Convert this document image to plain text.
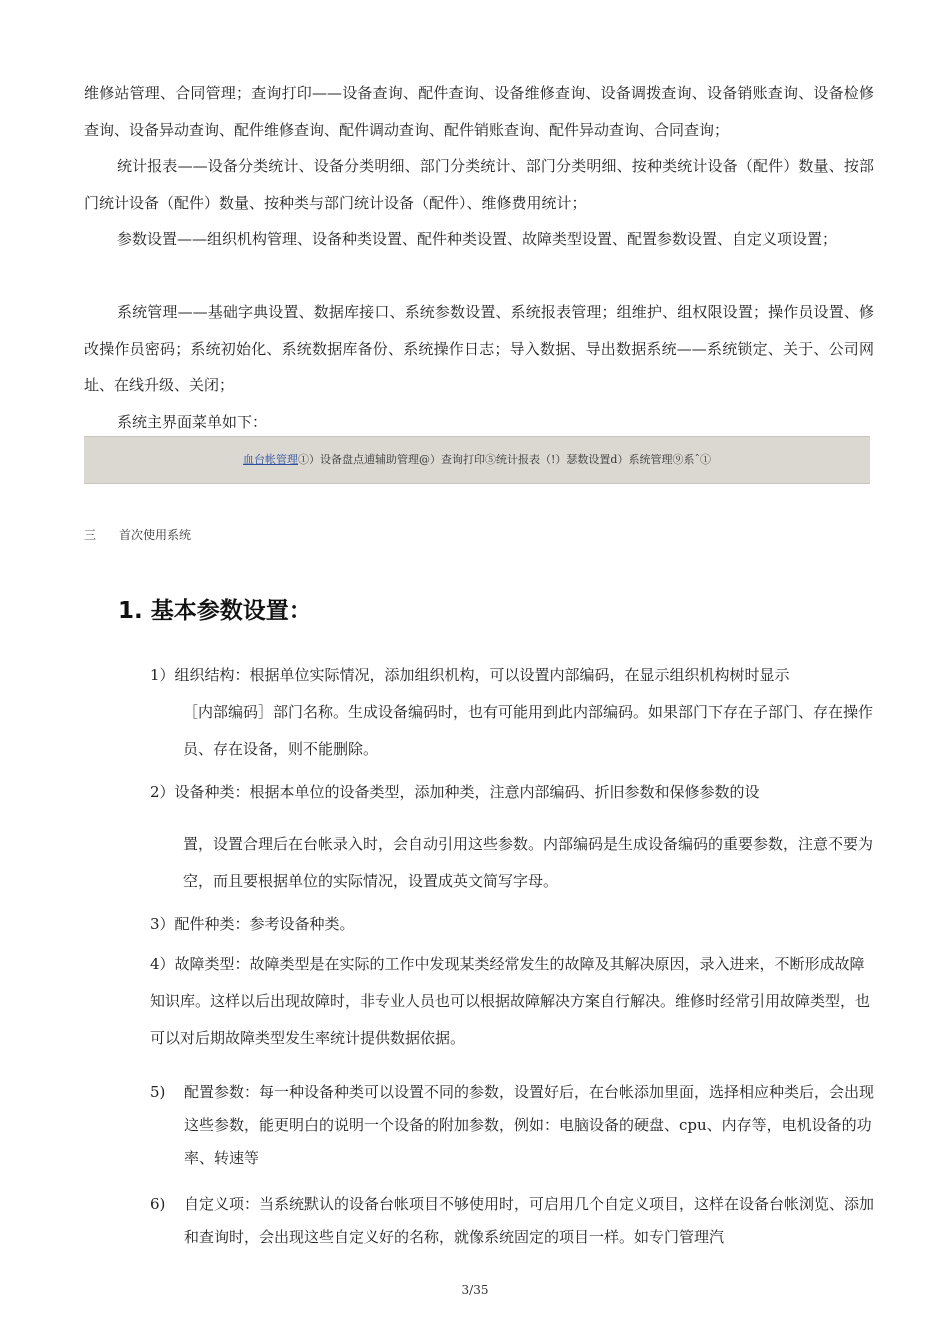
维修站管理、合同管理；查询打印——设备查询、配件查询、设备维修查询、设备调拨查询、设备销账查询、设备检修查询、设备异动查询、配件维修查询、配件调动查询、配件销账查询、配件异动查询、合同查询；

统计报表——设备分类统计、设备分类明细、部门分类统计、部门分类明细、按种类统计设备（配件）数量、按部门统计设备（配件）数量、按种类与部门统计设备（配件）、维修费用统计；

参数设置——组织机构管理、设备种类设置、配件种类设置、故障类型设置、配置参数设置、自定义项设置；

系统管理——基础字典设置、数据库接口、系统参数设置、系统报表管理；组维护、组权限设置；操作员设置、修改操作员密码；系统初始化、系统数据库备份、系统操作日志；导入数据、导出数据系统——系统锁定、关于、公司网址、在线升级、关闭；

系统主界面菜单如下：

血台帐管理①）设备盘点逋辅助管理@）查询打印⑤统计报表（!）瑟数设置d）系统管理⑨系ˆ①
三 首次使用系统
1. 基本参数设置：
1）组织结构：根据单位实际情况，添加组织机构，可以设置内部编码，在显示组织机构树时显示
［内部编码］部门名称。生成设备编码时，也有可能用到此内部编码。如果部门下存在子部门、存在操作员、存在设备，则不能删除。
2）设备种类：根据本单位的设备类型，添加种类，注意内部编码、折旧参数和保修参数的设
置，设置合理后在台帐录入时，会自动引用这些参数。内部编码是生成设备编码的重要参数，注意不要为空，而且要根据单位的实际情况，设置成英文简写字母。
3）配件种类：参考设备种类。
4）故障类型：故障类型是在实际的工作中发现某类经常发生的故障及其解决原因，录入进来，不断形成故障知识库。这样以后出现故障时，非专业人员也可以根据故障解决方案自行解决。维修时经常引用故障类型，也可以对后期故障类型发生率统计提供数据依据。
5) 配置参数：每一种设备种类可以设置不同的参数，设置好后，在台帐添加里面，选择相应种类后，会出现这些参数，能更明白的说明一个设备的附加参数，例如：电脑设备的硬盘、cpu、内存等，电机设备的功率、转速等
6) 自定义项：当系统默认的设备台帐项目不够使用时，可启用几个自定义项目，这样在设备台帐浏览、添加和查询时，会出现这些自定义好的名称，就像系统固定的项目一样。如专门管理汽
3/35
